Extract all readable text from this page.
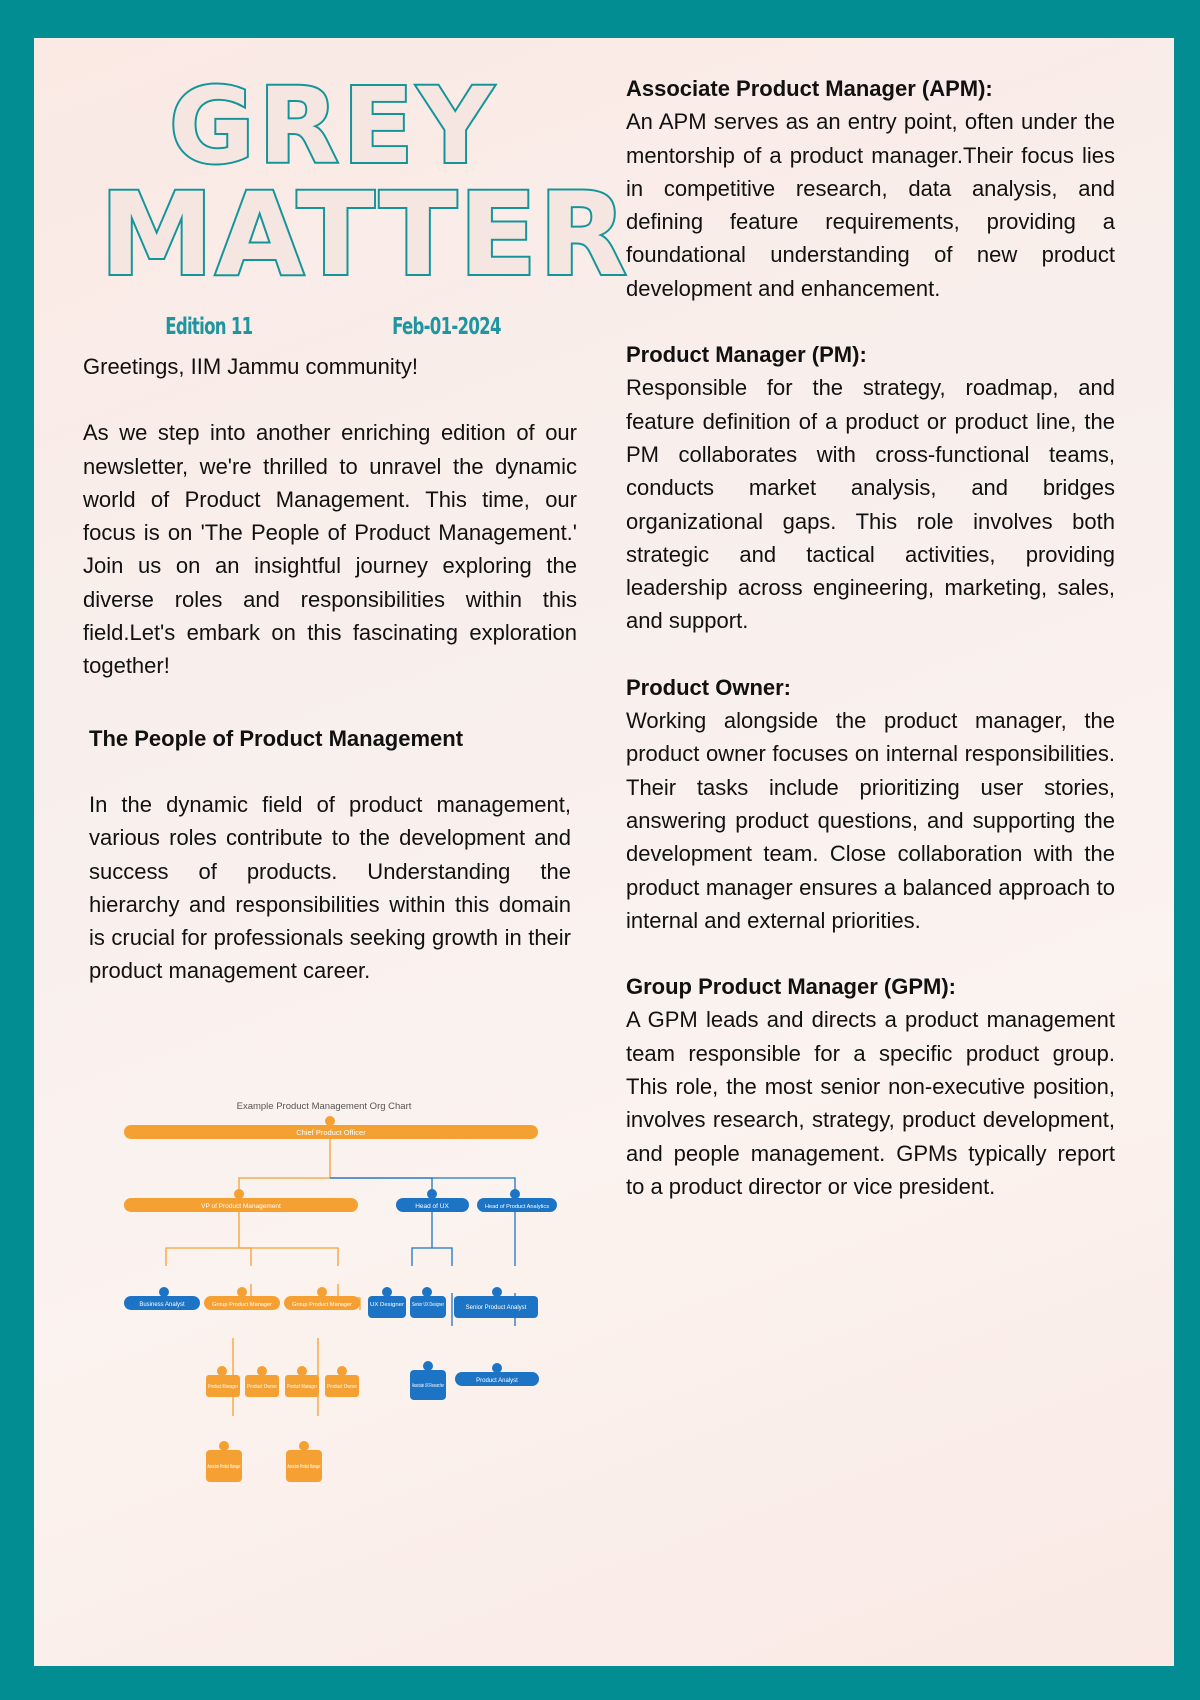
GREY
MATTER
Edition 11	Feb-01-2024

Greetings, IIM Jammu community!

As we step into another enriching edition of our newsletter, we're thrilled to unravel the dynamic world of Product Management. This time, our focus is on 'The People of Product Management.' Join us on an insightful journey exploring the diverse roles and responsibilities within this field.Let's embark on this fascinating exploration together!

The People of Product Management

In the dynamic field of product management, various roles contribute to the development and success of products. Understanding the hierarchy and responsibilities within this domain is crucial for professionals seeking growth in their product management career.

Example Product Management Org Chart
Chief Product Officer
VP of Product Management	Head of UX	Head of Product Analytics
Business Analyst	Group Product Manager	Group Product Manager	UX Designer Senior UX Designer	Senior Product Analyst
Product Manager Product Owner Product Manager Product Owner	Associate UX Researcher
Product Analyst
Associate Product Manager	Associate Product Manager

Associate Product Manager (APM):

An APM serves as an entry point, often under the mentorship of a product manager.Their focus lies in competitive research, data analysis, and defining feature requirements, providing a foundational understanding of new product development and enhancement.

Product Manager (PM):

Responsible for the strategy, roadmap, and feature definition of a product or product line, the PM collaborates with cross-functional teams, conducts market analysis, and bridges organizational gaps. This role involves both strategic and tactical activities, providing leadership across engineering, marketing, sales, and support.

Product Owner:

Working alongside the product manager, the product owner focuses on internal responsibilities. Their tasks include prioritizing user stories, answering product questions, and supporting the development team. Close collaboration with the product manager ensures a balanced approach to internal and external priorities.

Group Product Manager (GPM):

A GPM leads and directs a product management team responsible for a specific product group. This role, the most senior non-executive position, involves research, strategy, product development, and people management. GPMs typically report to a product director or vice president.
